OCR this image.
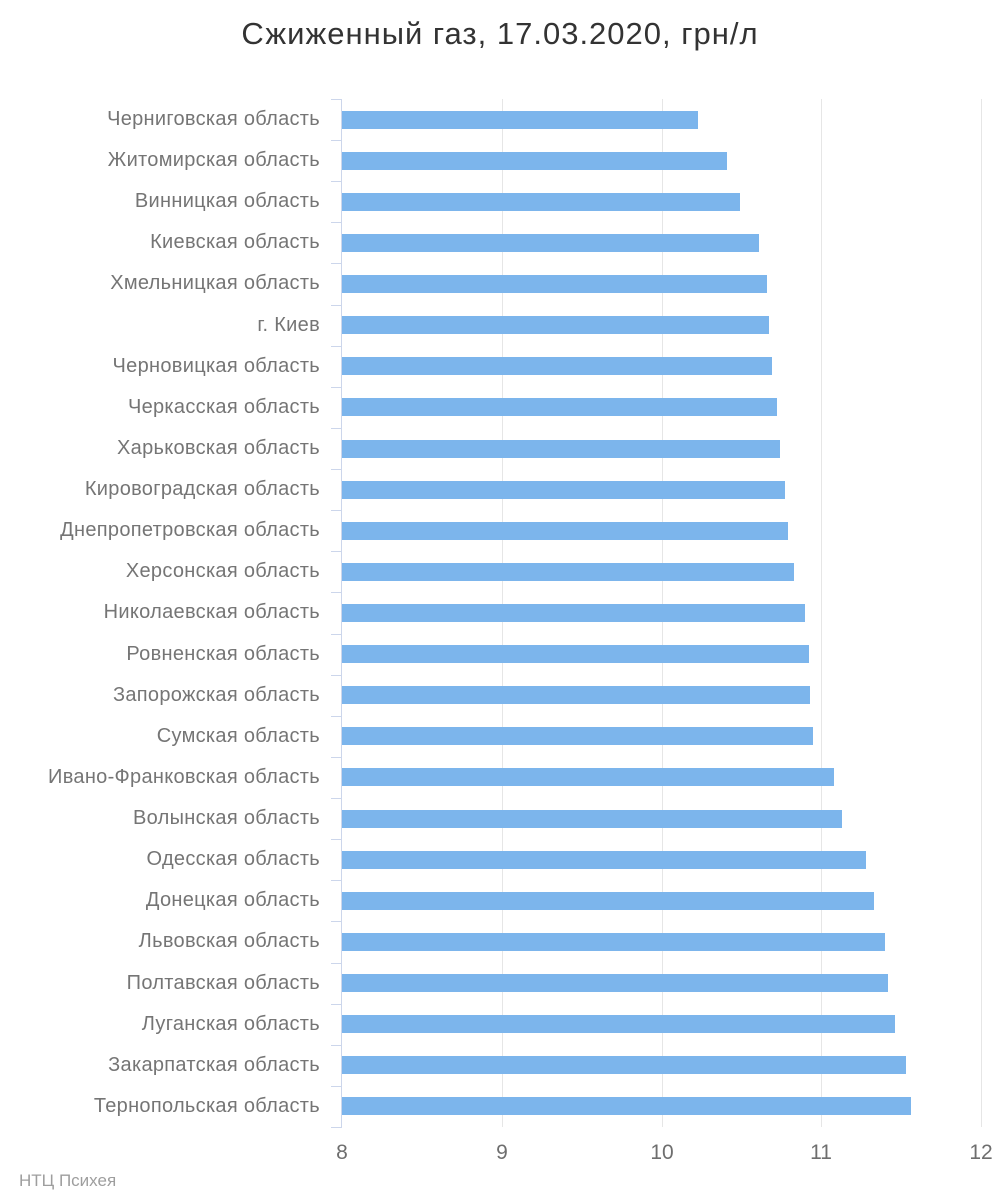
Сжиженный газ, 17.03.2020, грн/л
8	9	10	11	12
Черниговская область
Житомирская область
Винницкая область
Киевская область
Хмельницкая область
г. Киев
Черновицкая область
Черкасская область
Харьковская область
Кировоградская область
Днепропетровская область
Херсонская область
Николаевская область
Ровненская область
Запорожская область
Сумская область
Ивано-Франковская область
Волынская область
Одесская область
Донецкая область
Львовская область
Полтавская область
Луганская область
Закарпатская область
Тернопольская область
НТЦ Психея
